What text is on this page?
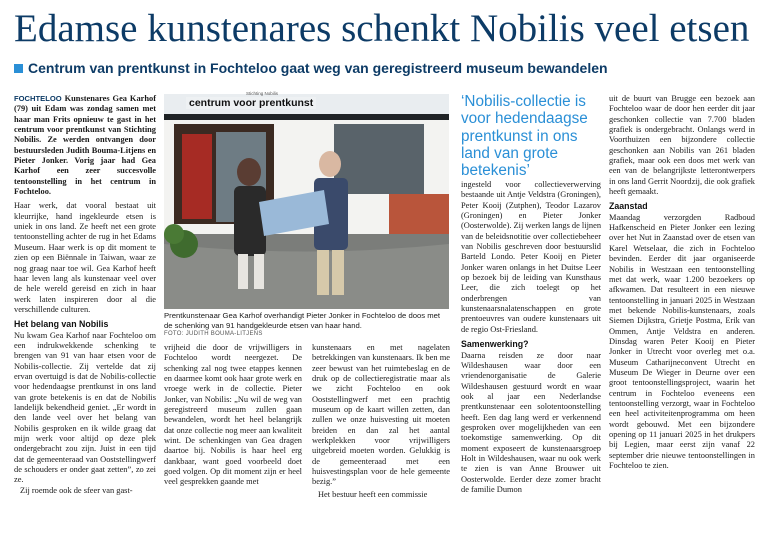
Edamse kunstenares schenkt Nobilis veel etsen
Centrum van prentkunst in Fochteloo gaat weg van geregistreerd museum bewandelen

FOCHTELOO Kunstenares Gea Karhof (79) uit Edam was zondag samen met haar man Frits opnieuw te gast in het centrum voor prentkunst van Stichting Nobilis. Ze werden ontvangen door bestuursleden Judith Bouma-Litjens en Pieter Jonker. Vorig jaar had Gea Karhof een zeer succesvolle tentoonstelling in het centrum in Fochteloo.

Haar werk, dat vooral bestaat uit kleurrijke, hand ingekleurde etsen is uniek in ons land. Ze heeft net een grote tentoonstelling achter de rug in het Edams Museum. Haar werk is op dit moment te zien op een Biënnale in Taiwan, waar ze nog graag naar toe wil. Gea Karhof heeft haar leven lang als kunstenaar veel over de hele wereld gereisd en zich in haar werk laten inspireren door al die verschillende culturen.

Het belang van Nobilis

Nu kwam Gea Karhof naar Fochteloo om een indrukwekkende schenking te brengen van 91 van haar etsen voor de Nobilis-collectie. Zij vertelde dat zij ervan overtuigd is dat de Nobilis-collectie voor hedendaagse prentkunst in ons land van grote betekenis is en dat de Nobilis landelijk bekendheid geniet. „Er wordt in den lande veel over het belang van Nobilis gesproken en ik wilde graag dat mijn werk voor altijd op deze plek ondergebracht zou zijn. Juist in een tijd dat de gemeenteraad van Ooststellingwerf de schouders er onder gaat zetten”, zo zei ze.

Zij roemde ook de sfeer van gast-

Stichting Nobilis
centrum voor prentkunst
Prentkunstenaar Gea Karhof overhandigt Pieter Jonker in Fochteloo de doos met de schenking van 91 handgekleurde etsen van haar hand.
FOTO: JUDITH BOUMA-LITJENS

vrijheid die door de vrijwilligers in Fochteloo wordt neergezet. De schenking zal nog twee etappes kennen en daarmee komt ook haar grote werk en vroege werk in de collectie. Pieter Jonker, van Nobilis: „Nu wil de weg van geregistreerd museum zullen gaan bewandelen, wordt het heel belangrijk dat onze collectie nog meer aan kwaliteit wint. De schenkingen van Gea dragen daartoe bij. Nobilis is haar heel erg dankbaar, want goed voorbeeld doet goed volgen. Op dit moment zijn er heel veel gesprekken gaande met

kunstenaars en met nagelaten betrekkingen van kunstenaars. Ik ben me zeer bewust van het ruimtebeslag en de druk op de collectieregistratie maar als we zicht Fochteloo en ook Ooststellingwerf met een prachtig museum op de kaart willen zetten, dan zullen we onze huisvesting uit moeten breiden en dan zal het aantal werkplekken voor vrijwilligers uitgebreid moeten worden. Gelukkig is de gemeenteraad met een huisvestingsplan voor de hele gemeente bezig.”

Het bestuur heeft een commissie

‘Nobilis-collectie is voor hedendaagse prentkunst in ons land van grote betekenis’

ingesteld voor collectieverwerving bestaande uit Antje Veldstra (Groningen), Peter Kooij (Zutphen), Teodor Lazarov (Groningen) en Pieter Jonker (Oosterwolde). Zij werken langs de lijnen van de beleidsnotitie over collectiebeheer van Nobilis geschreven door bestuurslid Barteld Londo. Peter Kooij en Pieter Jonker waren onlangs in het Duitse Leer op bezoek bij de leiding van Kunsthaus Leer, die zich toelegt op het onderbrengen van kunstenaarsnalatenschappen en grote prentoeuvres van oudere kunstenaars uit de regio Ost-Friesland.

Samenwerking?

Daarna reisden ze door naar Wildeshausen waar door een vriendenorganisatie de Galerie Wildeshausen gestuurd wordt en waar ook al jaar een Nederlandse prentkunstenaar een solotentoonstelling heeft. Een dag lang werd er verkennend gesproken over mogelijkheden van een toekomstige samenwerking. Op dit moment exposeert de kunstenaarsgroep Holt in Wildeshausen, waar nu ook werk te zien is van Anne Brouwer uit Oosterwolde. Eerder deze zomer bracht de familie Dumon

uit de buurt van Brugge een bezoek aan Fochteloo waar de door hen eerder dit jaar geschonken collectie van 7.700 bladen grafiek is ondergebracht. Onlangs werd in Voorthuizen een bijzondere collectie geschonken aan Nobilis van 261 bladen grafiek, maar ook een doos met werk van een van de belangrijkste letterontwerpers in ons land Gerrit Noordzij, die ook grafiek heeft gemaakt.

Zaanstad

Maandag verzorgden Radboud Hafkenscheid en Pieter Jonker een lezing over het Nut in Zaanstad over de etsen van Karel Wetselaar, die zich in Fochteloo bevinden. Eerder dit jaar organiseerde Nobilis in Westzaan een tentoonstelling met dat werk, waar 1.200 bezoekers op afkwamen. Dat resulteert in een nieuwe tentoonstelling in januari 2025 in Westzaan met bekende Nobilis-kunstenaars, zoals Siemen Dijkstra, Grietje Postma, Erik van Ommen, Antje Veldstra en anderen. Dinsdag waren Peter Kooij en Pieter Jonker in Utrecht voor overleg met o.a. Museum Catharijneconvent Utrecht en Museum De Wieger in Deurne over een groot tentoonstellingsproject, waarin het centrum in Fochteloo eveneens een tentoonstelling verzorgt, waar in Fochteloo een heel activiteitenprogramma om heen wordt gebouwd. Met een bijzondere opening op 11 januari 2025 in het drukpers bij Legien, maar eerst zijn vanaf 22 september drie nieuwe tentoonstellingen in Fochteloo te zien.
